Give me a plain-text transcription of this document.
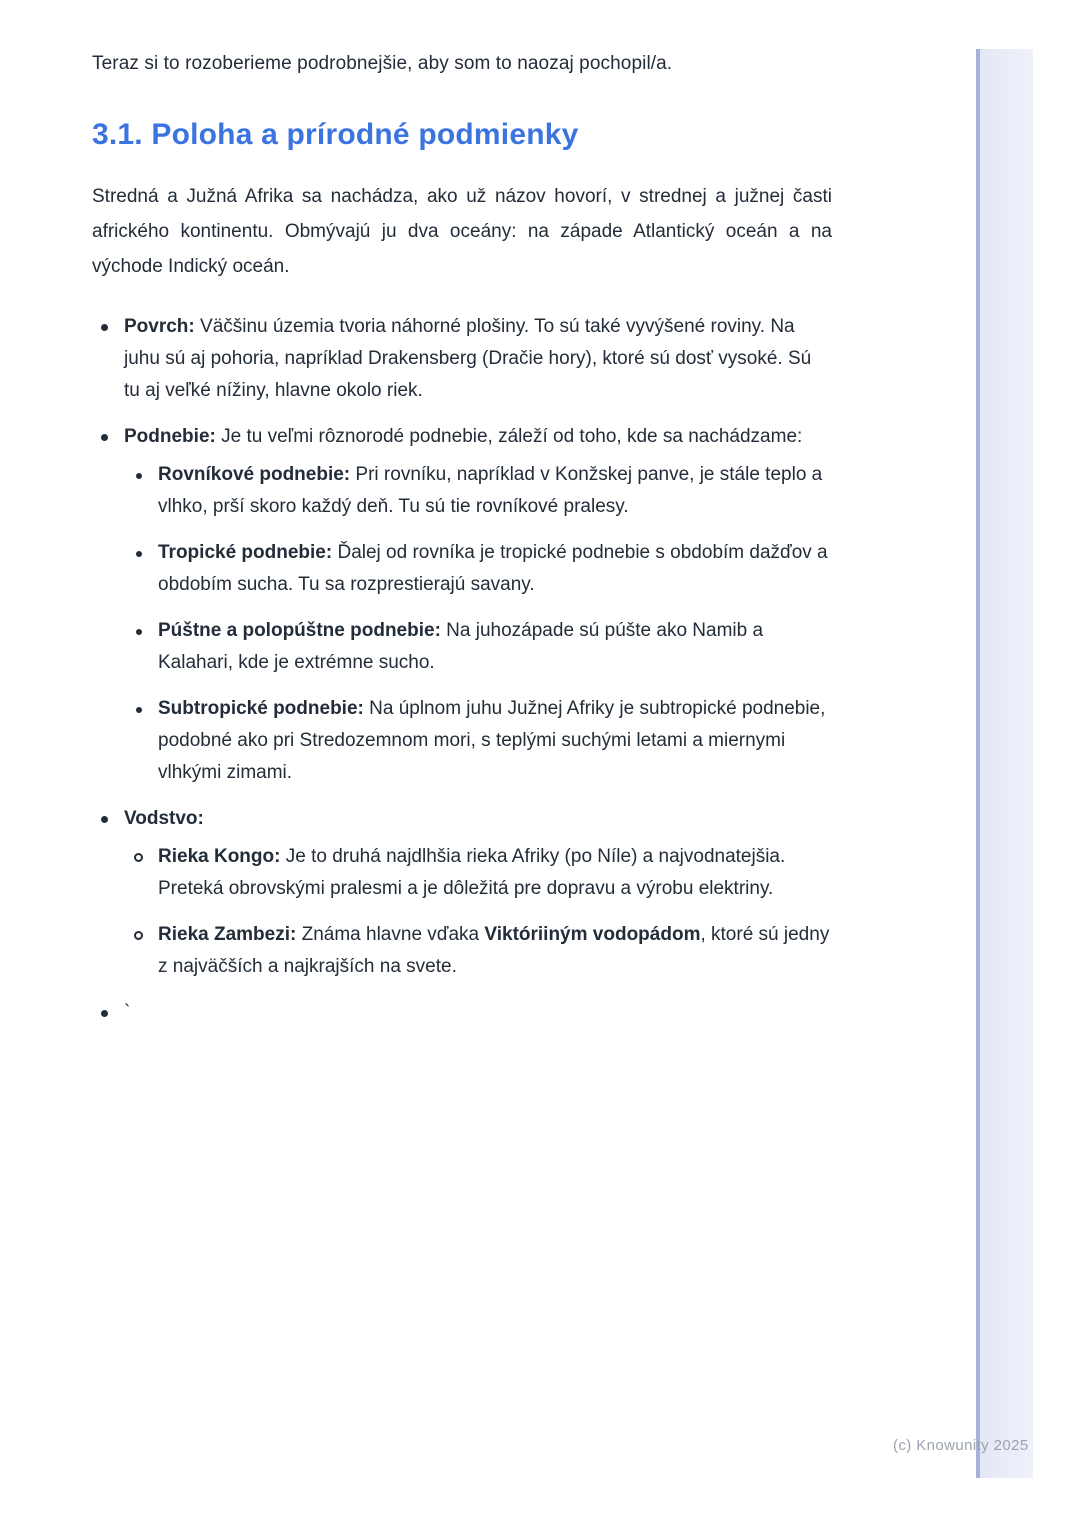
Teraz si to rozoberieme podrobnejšie, aby som to naozaj pochopil/a.

3.1. Poloha a prírodné podmienky

Stredná a Južná Afrika sa nachádza, ako už názov hovorí, v strednej a južnej časti afrického kontinentu. Obmývajú ju dva oceány: na západe Atlantický oceán a na východe Indický oceán.

Povrch: Väčšinu územia tvoria náhorné plošiny. To sú také vyvýšené roviny. Na juhu sú aj pohoria, napríklad Drakensberg (Dračie hory), ktoré sú dosť vysoké. Sú tu aj veľké nížiny, hlavne okolo riek.
Podnebie: Je tu veľmi rôznorodé podnebie, záleží od toho, kde sa nachádzame:
Rovníkové podnebie: Pri rovníku, napríklad v Konžskej panve, je stále teplo a vlhko, prší skoro každý deň. Tu sú tie rovníkové pralesy.
Tropické podnebie: Ďalej od rovníka je tropické podnebie s obdobím dažďov a obdobím sucha. Tu sa rozprestierajú savany.
Púštne a polopúštne podnebie: Na juhozápade sú púšte ako Namib a Kalahari, kde je extrémne sucho.
Subtropické podnebie: Na úplnom juhu Južnej Afriky je subtropické podnebie, podobné ako pri Stredozemnom mori, s teplými suchými letami a miernymi vlhkými zimami.
Vodstvo:
Rieka Kongo: Je to druhá najdlhšia rieka Afriky (po Níle) a najvodnatejšia. Preteká obrovskými pralesmi a je dôležitá pre dopravu a výrobu elektriny.
Rieka Zambezi: Známa hlavne vďaka Viktóriiným vodopádom, ktoré sú jedny z najväčších a najkrajších na svete.
`
(c) Knowunity 2025
